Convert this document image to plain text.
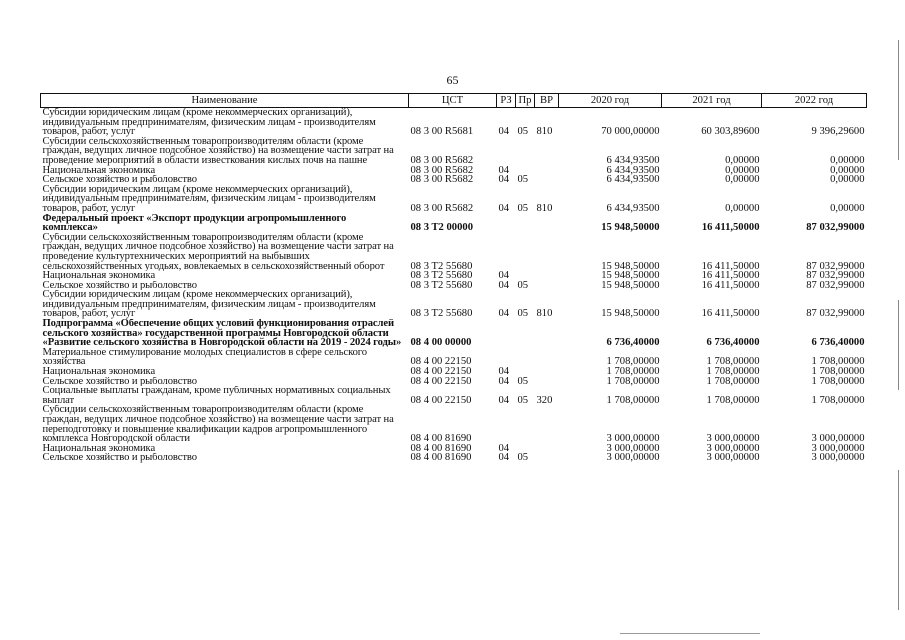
65
Наименование	ЦСТ	РЗ	Пр	ВР	2020 год	2021 год	2022 год
Субсидии юридическим лицам (кроме некоммерческих организаций), индивидуальным предпринимателям, физическим лицам - производителям товаров, работ, услуг	08 3 00 R5681	04	05	810	70 000,00000	60 303,89600	9 396,29600
Субсидии сельскохозяйственным товаропроизводителям области (кроме граждан, ведущих личное подсобное хозяйство) на возмещение части затрат на проведение мероприятий в области известкования кислых почв на пашне	08 3 00 R5682				6 434,93500	0,00000	0,00000
Национальная экономика	08 3 00 R5682	04			6 434,93500	0,00000	0,00000
Сельское хозяйство и рыболовство	08 3 00 R5682	04	05		6 434,93500	0,00000	0,00000
Субсидии юридическим лицам (кроме некоммерческих организаций), индивидуальным предпринимателям, физическим лицам - производителям товаров, работ, услуг	08 3 00 R5682	04	05	810	6 434,93500	0,00000	0,00000
Федеральный проект «Экспорт продукции агропромышленного комплекса»	08 3 T2 00000				15 948,50000	16 411,50000	87 032,99000
Субсидии сельскохозяйственным товаропроизводителям области (кроме граждан, ведущих личное подсобное хозяйство) на возмещение части затрат на проведение культуртехнических мероприятий на выбывших сельскохозяйственных угодьях, вовлекаемых в сельскохозяйственный оборот	08 3 T2 55680				15 948,50000	16 411,50000	87 032,99000
Национальная экономика	08 3 T2 55680	04			15 948,50000	16 411,50000	87 032,99000
Сельское хозяйство и рыболовство	08 3 T2 55680	04	05		15 948,50000	16 411,50000	87 032,99000
Субсидии юридическим лицам (кроме некоммерческих организаций), индивидуальным предпринимателям, физическим лицам - производителям товаров, работ, услуг	08 3 T2 55680	04	05	810	15 948,50000	16 411,50000	87 032,99000
Подпрограмма «Обеспечение общих условий функционирования отраслей сельского хозяйства» государственной программы Новгородской области «Развитие сельского хозяйства в Новгородской области на 2019 - 2024 годы»	08 4 00 00000				6 736,40000	6 736,40000	6 736,40000
Материальное стимулирование молодых специалистов в сфере сельского хозяйства	08 4 00 22150				1 708,00000	1 708,00000	1 708,00000
Национальная экономика	08 4 00 22150	04			1 708,00000	1 708,00000	1 708,00000
Сельское хозяйство и рыболовство	08 4 00 22150	04	05		1 708,00000	1 708,00000	1 708,00000
Социальные выплаты гражданам, кроме публичных нормативных социальных выплат	08 4 00 22150	04	05	320	1 708,00000	1 708,00000	1 708,00000
Субсидии сельскохозяйственным товаропроизводителям области (кроме граждан, ведущих личное подсобное хозяйство) на возмещение части затрат на переподготовку и повышение квалификации кадров агропромышленного комплекса Новгородской области	08 4 00 81690				3 000,00000	3 000,00000	3 000,00000
Национальная экономика	08 4 00 81690	04			3 000,00000	3 000,00000	3 000,00000
Сельское хозяйство и рыболовство	08 4 00 81690	04	05		3 000,00000	3 000,00000	3 000,00000
